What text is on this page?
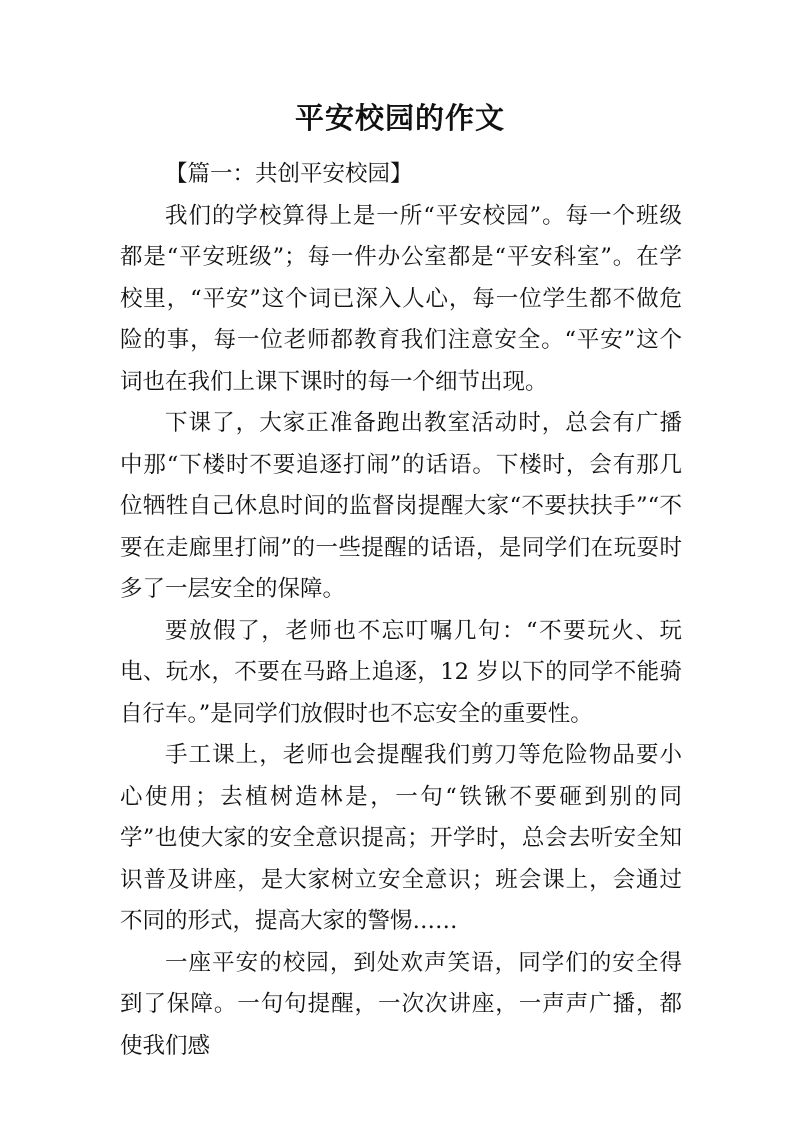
平安校园的作文
【篇一：共创平安校园】

我们的学校算得上是一所“平安校园”。每一个班级都是“平安班级”；每一件办公室都是“平安科室”。在学校里，“平安”这个词已深入人心，每一位学生都不做危险的事，每一位老师都教育我们注意安全。“平安”这个词也在我们上课下课时的每一个细节出现。

下课了，大家正准备跑出教室活动时，总会有广播中那“下楼时不要追逐打闹”的话语。下楼时，会有那几位牺牲自己休息时间的监督岗提醒大家“不要扶扶手”“不要在走廊里打闹”的一些提醒的话语，是同学们在玩耍时多了一层安全的保障。

要放假了，老师也不忘叮嘱几句：“不要玩火、玩电、玩水，不要在马路上追逐，12 岁以下的同学不能骑自行车。”是同学们放假时也不忘安全的重要性。

手工课上，老师也会提醒我们剪刀等危险物品要小心使用；去植树造林是，一句“铁锹不要砸到别的同学”也使大家的安全意识提高；开学时，总会去听安全知识普及讲座，是大家树立安全意识；班会课上，会通过不同的形式，提高大家的警惕……

一座平安的校园，到处欢声笑语，同学们的安全得到了保障。一句句提醒，一次次讲座，一声声广播，都使我们感
